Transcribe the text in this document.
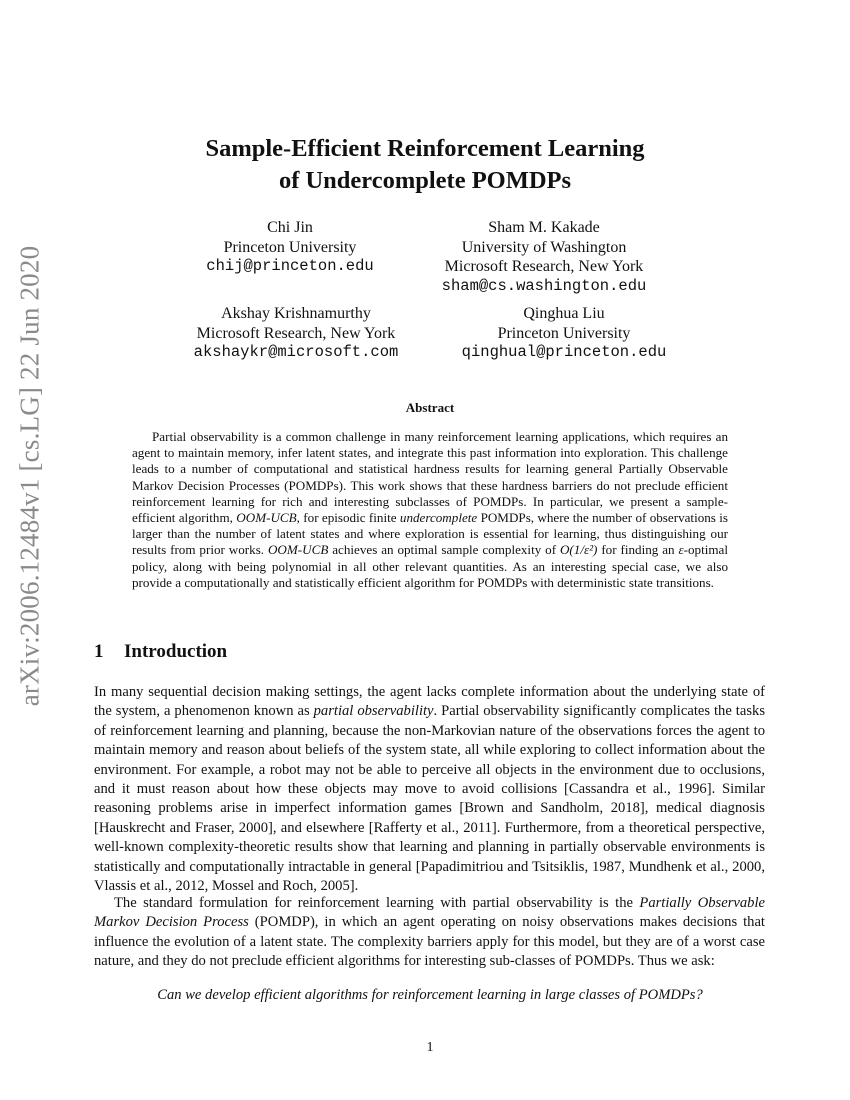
arXiv:2006.12484v1 [cs.LG] 22 Jun 2020
Sample-Efficient Reinforcement Learning
of Undercomplete POMDPs
Chi Jin
Princeton University
chij@princeton.edu
Sham M. Kakade
University of Washington
Microsoft Research, New York
sham@cs.washington.edu
Akshay Krishnamurthy
Microsoft Research, New York
akshaykr@microsoft.com
Qinghua Liu
Princeton University
qinghual@princeton.edu
Abstract

Partial observability is a common challenge in many reinforcement learning applications, which requires an agent to maintain memory, infer latent states, and integrate this past information into exploration. This challenge leads to a number of computational and statistical hardness results for learning general Partially Observable Markov Decision Processes (POMDPs). This work shows that these hardness barriers do not preclude efficient reinforcement learning for rich and interesting subclasses of POMDPs. In particular, we present a sample-efficient algorithm, OOM-UCB, for episodic finite undercomplete POMDPs, where the number of observations is larger than the number of latent states and where exploration is essential for learning, thus distinguishing our results from prior works. OOM-UCB achieves an optimal sample complexity of O(1/ε²) for finding an ε-optimal policy, along with being polynomial in all other relevant quantities. As an interesting special case, we also provide a computationally and statistically efficient algorithm for POMDPs with deterministic state transitions.

1 Introduction

In many sequential decision making settings, the agent lacks complete information about the underlying state of the system, a phenomenon known as partial observability. Partial observability significantly complicates the tasks of reinforcement learning and planning, because the non-Markovian nature of the observations forces the agent to maintain memory and reason about beliefs of the system state, all while exploring to collect information about the environment. For example, a robot may not be able to perceive all objects in the environment due to occlusions, and it must reason about how these objects may move to avoid collisions [Cassandra et al., 1996]. Similar reasoning problems arise in imperfect information games [Brown and Sandholm, 2018], medical diagnosis [Hauskrecht and Fraser, 2000], and elsewhere [Rafferty et al., 2011]. Furthermore, from a theoretical perspective, well-known complexity-theoretic results show that learning and planning in partially observable environments is statistically and computationally intractable in general [Papadimitriou and Tsitsiklis, 1987, Mundhenk et al., 2000, Vlassis et al., 2012, Mossel and Roch, 2005].

The standard formulation for reinforcement learning with partial observability is the Partially Observable Markov Decision Process (POMDP), in which an agent operating on noisy observations makes decisions that influence the evolution of a latent state. The complexity barriers apply for this model, but they are of a worst case nature, and they do not preclude efficient algorithms for interesting sub-classes of POMDPs. Thus we ask:

Can we develop efficient algorithms for reinforcement learning in large classes of POMDPs?
1
